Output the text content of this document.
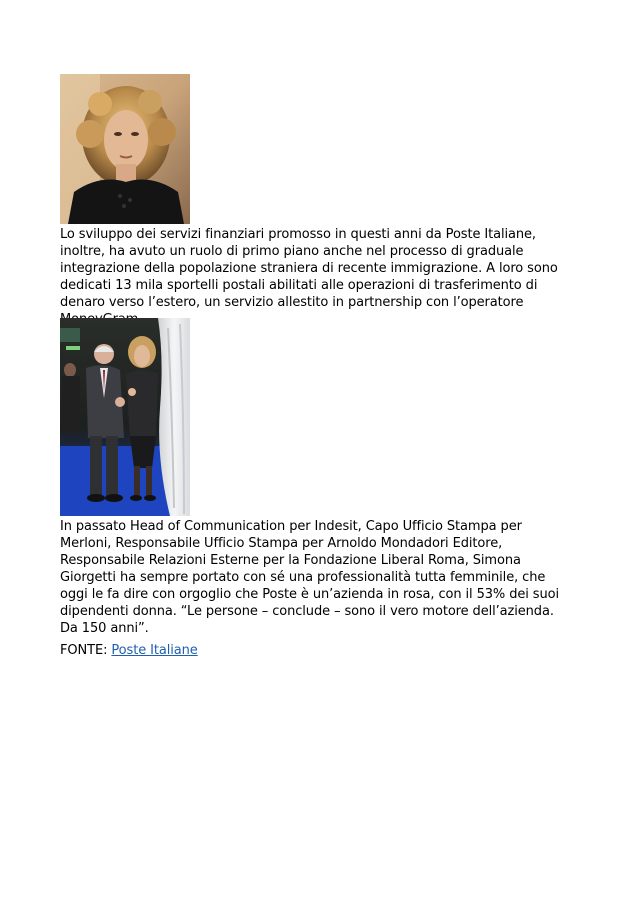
Lo sviluppo dei servizi finanziari promosso in questi anni da Poste Italiane, inoltre, ha avuto un ruolo di primo piano anche nel processo di graduale integrazione della popolazione straniera di recente immigrazione. A loro sono dedicati 13 mila sportelli postali abilitati alle operazioni di trasferimento di denaro verso l’estero, un servizio allestito in partnership con l’operatore

In passato Head of Communication per Indesit, Capo Ufficio Stampa per Merloni, Responsabile Ufficio Stampa per Arnoldo Mondadori Editore, Responsabile Relazioni Esterne per la Fondazione Liberal Roma, Simona Giorgetti ha sempre portato con sé una professionalità tutta femminile, che oggi le fa dire con orgoglio che Poste è un’azienda in rosa, con il 53% dei suoi dipendenti donna. “Le persone – conclude – sono il vero motore dell’azienda. Da 150 anni”.

FONTE: Poste Italiane
